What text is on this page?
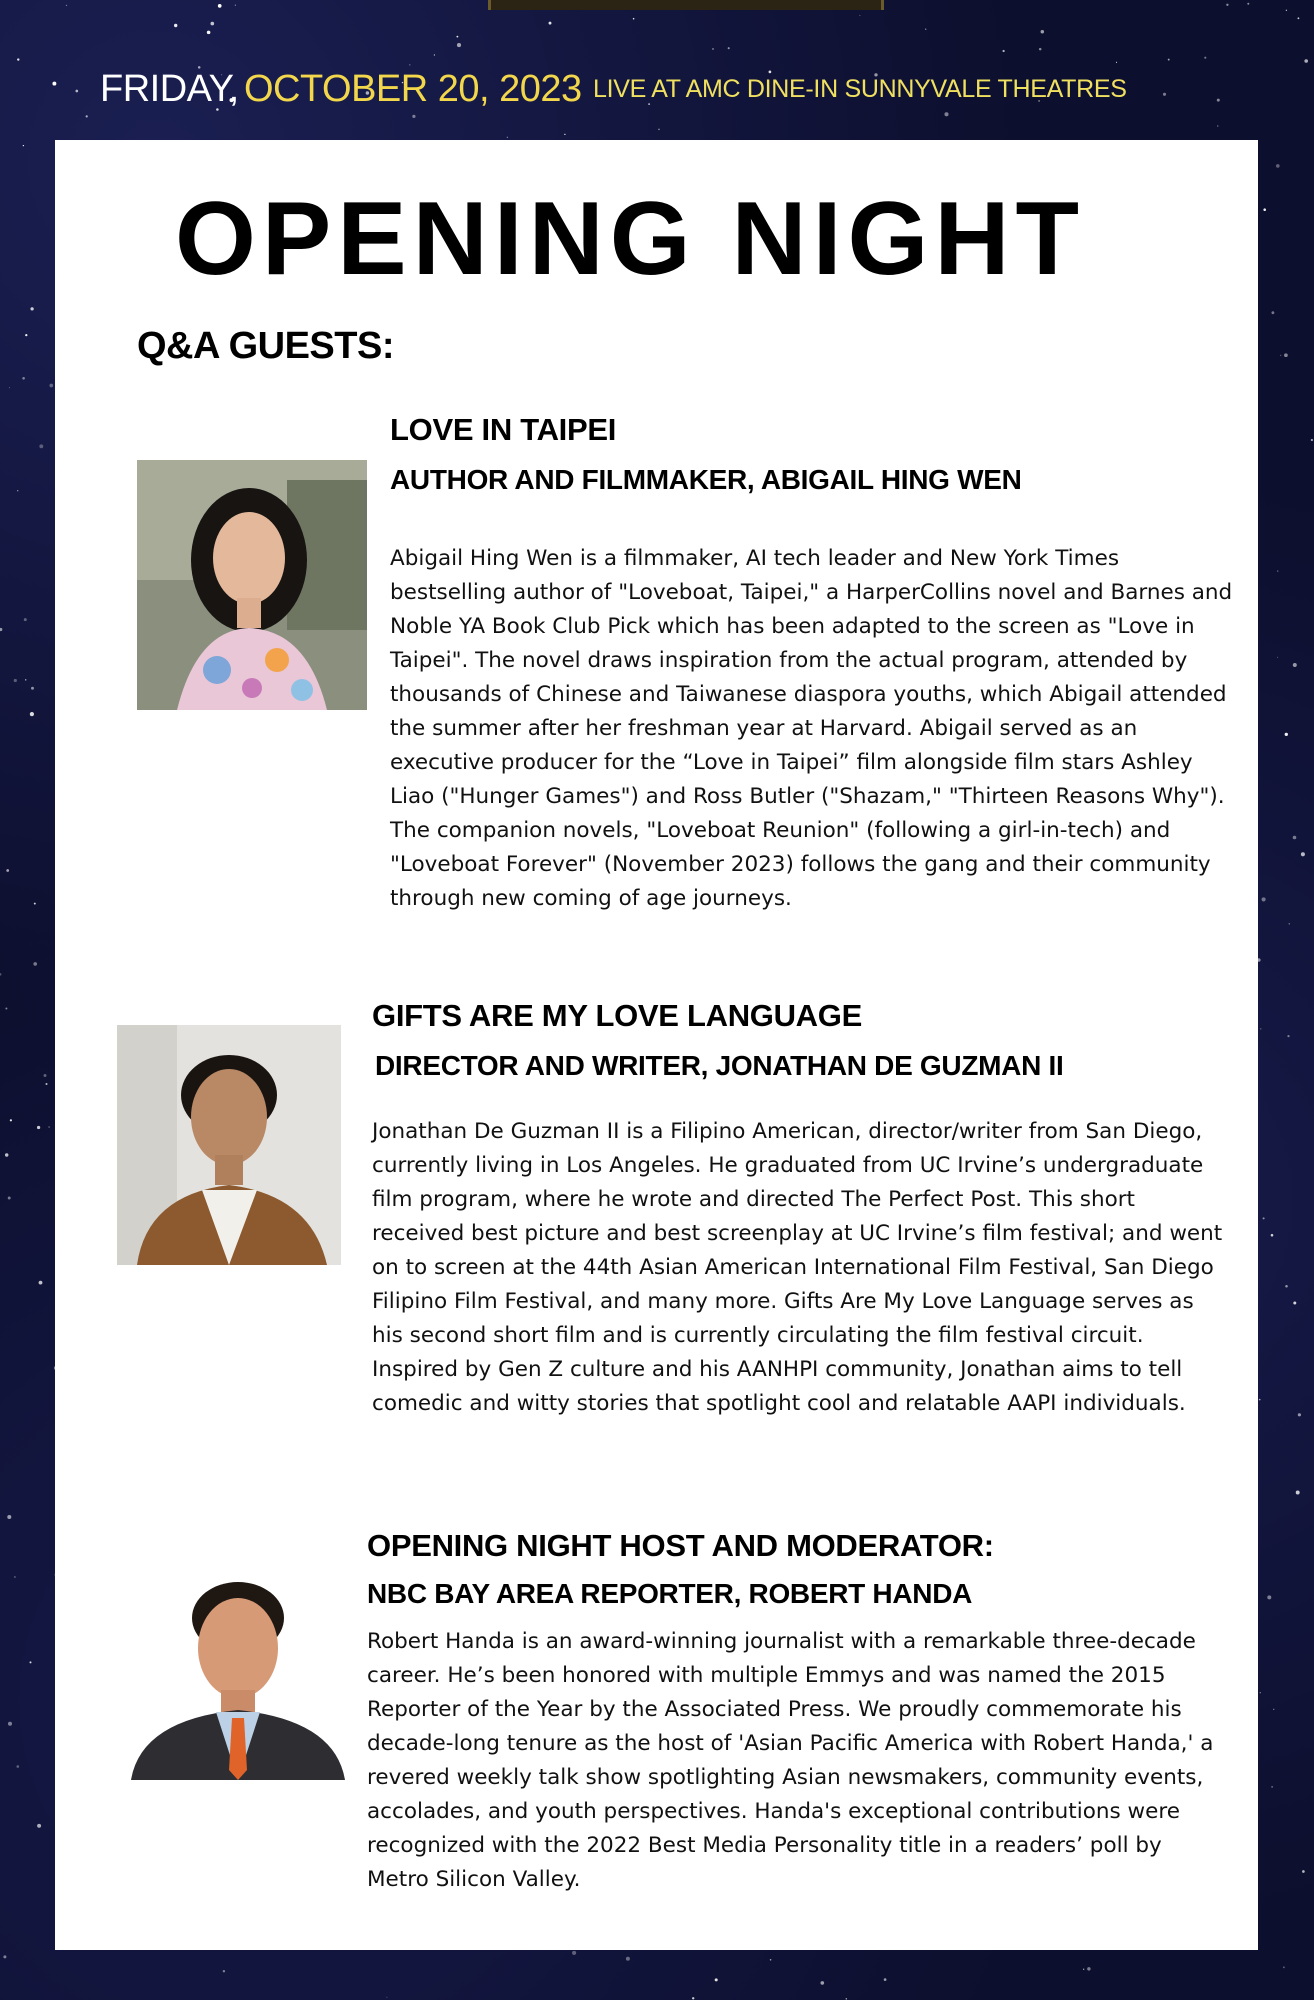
FRIDAY, OCTOBER 20, 2023 LIVE AT AMC DINE-IN SUNNYVALE THEATRES
OPENING NIGHT
Q&A GUESTS:
LOVE IN TAIPEI
AUTHOR AND FILMMAKER, ABIGAIL HING WEN

Abigail Hing Wen is a filmmaker, AI tech leader and New York Times bestselling author of "Loveboat, Taipei," a HarperCollins novel and Barnes and Noble YA Book Club Pick which has been adapted to the screen as "Love in Taipei". The novel draws inspiration from the actual program, attended by thousands of Chinese and Taiwanese diaspora youths, which Abigail attended the summer after her freshman year at Harvard. Abigail served as an executive producer for the “Love in Taipei” film alongside film stars Ashley Liao ("Hunger Games") and Ross Butler ("Shazam," "Thirteen Reasons Why"). The companion novels, "Loveboat Reunion" (following a girl-in-tech) and "Loveboat Forever" (November 2023) follows the gang and their community through new coming of age journeys.

GIFTS ARE MY LOVE LANGUAGE
DIRECTOR AND WRITER, JONATHAN DE GUZMAN II

Jonathan De Guzman II is a Filipino American, director/writer from San Diego, currently living in Los Angeles. He graduated from UC Irvine’s undergraduate film program, where he wrote and directed The Perfect Post. This short received best picture and best screenplay at UC Irvine’s film festival; and went on to screen at the 44th Asian American International Film Festival, San Diego Filipino Film Festival, and many more. Gifts Are My Love Language serves as his second short film and is currently circulating the film festival circuit. Inspired by Gen Z culture and his AANHPI community, Jonathan aims to tell comedic and witty stories that spotlight cool and relatable AAPI individuals.

OPENING NIGHT HOST AND MODERATOR:
NBC BAY AREA REPORTER, ROBERT HANDA

Robert Handa is an award-winning journalist with a remarkable three-decade career. He’s been honored with multiple Emmys and was named the 2015 Reporter of the Year by the Associated Press. We proudly commemorate his decade-long tenure as the host of 'Asian Pacific America with Robert Handa,' a revered weekly talk show spotlighting Asian newsmakers, community events, accolades, and youth perspectives. Handa's exceptional contributions were recognized with the 2022 Best Media Personality title in a readers’ poll by Metro Silicon Valley.
